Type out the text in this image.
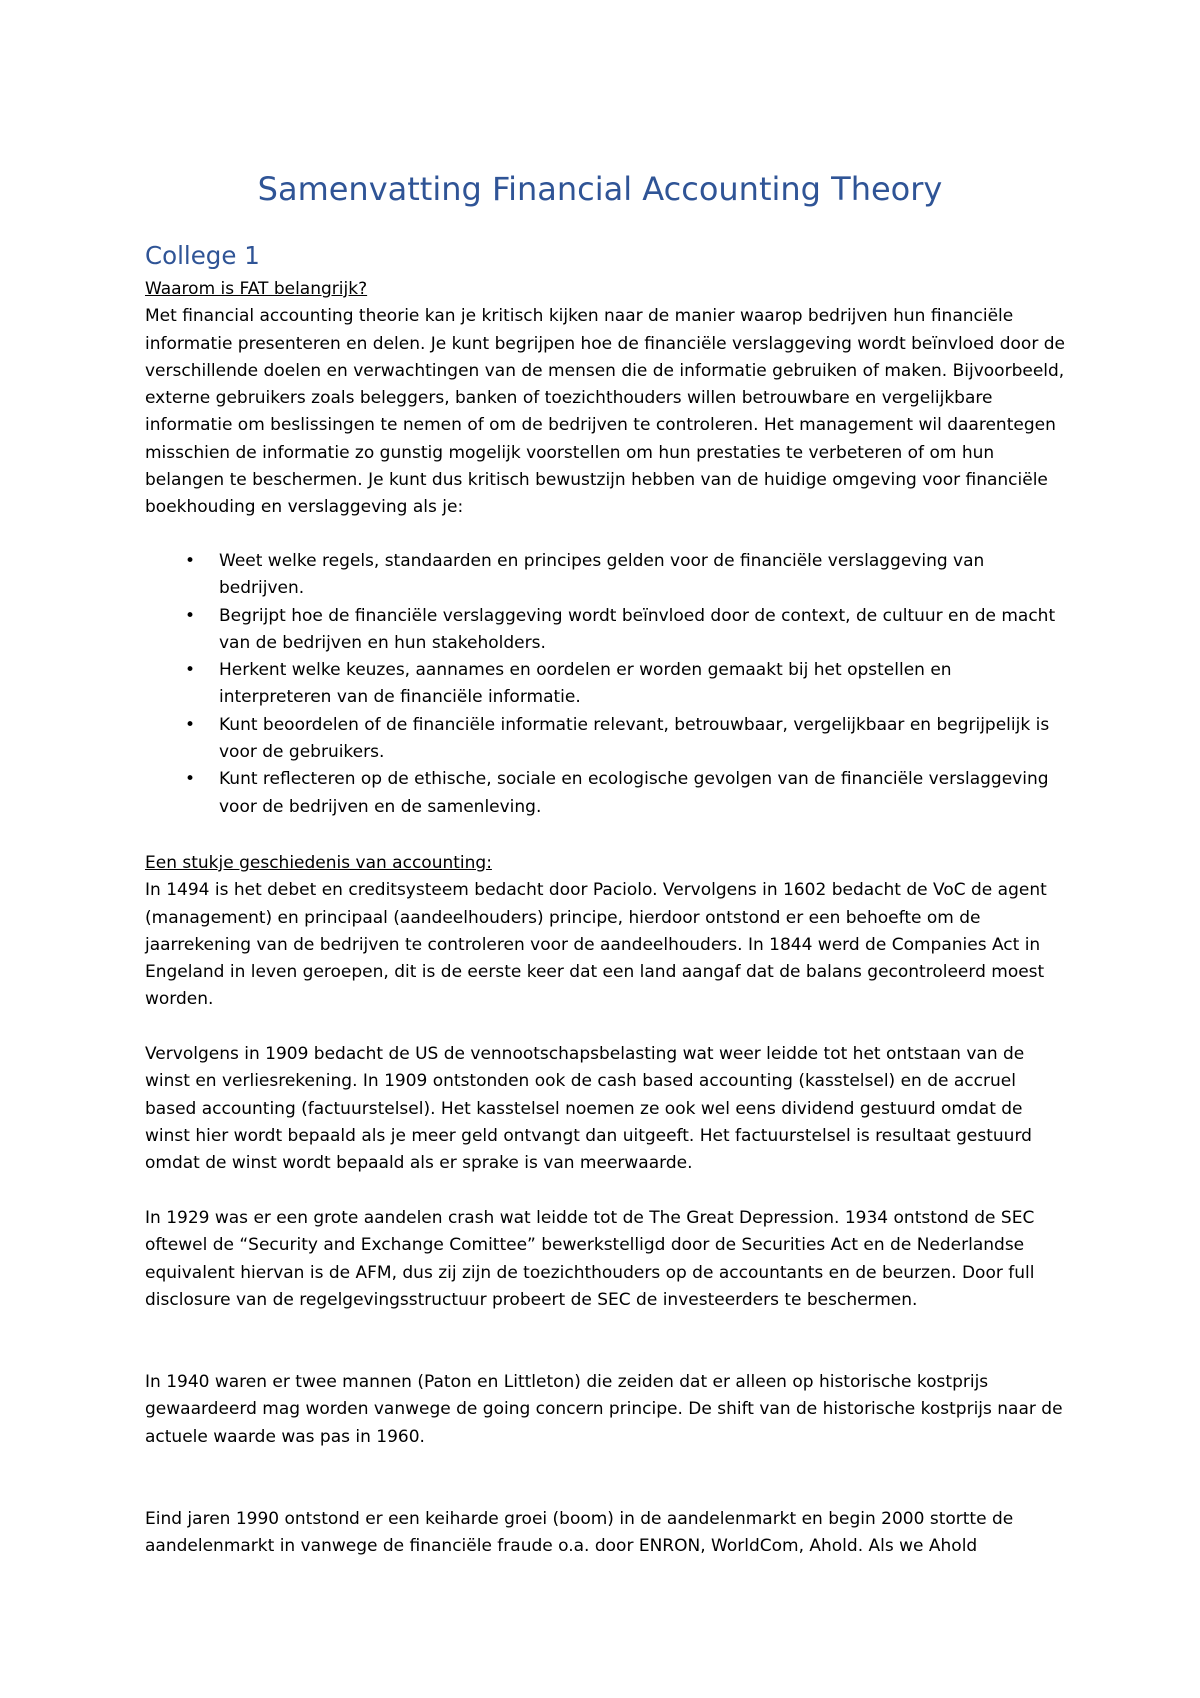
Samenvatting Financial Accounting Theory
College 1
Waarom is FAT belangrijk?
Met financial accounting theorie kan je kritisch kijken naar de manier waarop bedrijven hun financiële informatie presenteren en delen. Je kunt begrijpen hoe de financiële verslaggeving wordt beïnvloed door de verschillende doelen en verwachtingen van de mensen die de informatie gebruiken of maken. Bijvoorbeeld, externe gebruikers zoals beleggers, banken of toezichthouders willen betrouwbare en vergelijkbare informatie om beslissingen te nemen of om de bedrijven te controleren. Het management wil daarentegen misschien de informatie zo gunstig mogelijk voorstellen om hun prestaties te verbeteren of om hun belangen te beschermen. Je kunt dus kritisch bewustzijn hebben van de huidige omgeving voor financiële boekhouding en verslaggeving als je:
• Weet welke regels, standaarden en principes gelden voor de financiële verslaggeving van bedrijven.
• Begrijpt hoe de financiële verslaggeving wordt beïnvloed door de context, de cultuur en de macht van de bedrijven en hun stakeholders.
• Herkent welke keuzes, aannames en oordelen er worden gemaakt bij het opstellen en interpreteren van de financiële informatie.
• Kunt beoordelen of de financiële informatie relevant, betrouwbaar, vergelijkbaar en begrijpelijk is voor de gebruikers.
• Kunt reflecteren op de ethische, sociale en ecologische gevolgen van de financiële verslaggeving voor de bedrijven en de samenleving.
Een stukje geschiedenis van accounting:
In 1494 is het debet en creditsysteem bedacht door Paciolo. Vervolgens in 1602 bedacht de VoC de agent (management) en principaal (aandeelhouders) principe, hierdoor ontstond er een behoefte om de jaarrekening van de bedrijven te controleren voor de aandeelhouders. In 1844 werd de Companies Act in Engeland in leven geroepen, dit is de eerste keer dat een land aangaf dat de balans gecontroleerd moest worden.
Vervolgens in 1909 bedacht de US de vennootschapsbelasting wat weer leidde tot het ontstaan van de winst en verliesrekening. In 1909 ontstonden ook de cash based accounting (kasstelsel) en de accruel based accounting (factuurstelsel). Het kasstelsel noemen ze ook wel eens dividend gestuurd omdat de winst hier wordt bepaald als je meer geld ontvangt dan uitgeeft. Het factuurstelsel is resultaat gestuurd omdat de winst wordt bepaald als er sprake is van meerwaarde.
In 1929 was er een grote aandelen crash wat leidde tot de The Great Depression. 1934 ontstond de SEC oftewel de “Security and Exchange Comittee” bewerkstelligd door de Securities Act en de Nederlandse equivalent hiervan is de AFM, dus zij zijn de toezichthouders op de accountants en de beurzen. Door full disclosure van de regelgevingsstructuur probeert de SEC de investeerders te beschermen.
In 1940 waren er twee mannen (Paton en Littleton) die zeiden dat er alleen op historische kostprijs gewaardeerd mag worden vanwege de going concern principe. De shift van de historische kostprijs naar de actuele waarde was pas in 1960.
Eind jaren 1990 ontstond er een keiharde groei (boom) in de aandelenmarkt en begin 2000 stortte de aandelenmarkt in vanwege de financiële fraude o.a. door ENRON, WorldCom, Ahold. Als we Ahold
